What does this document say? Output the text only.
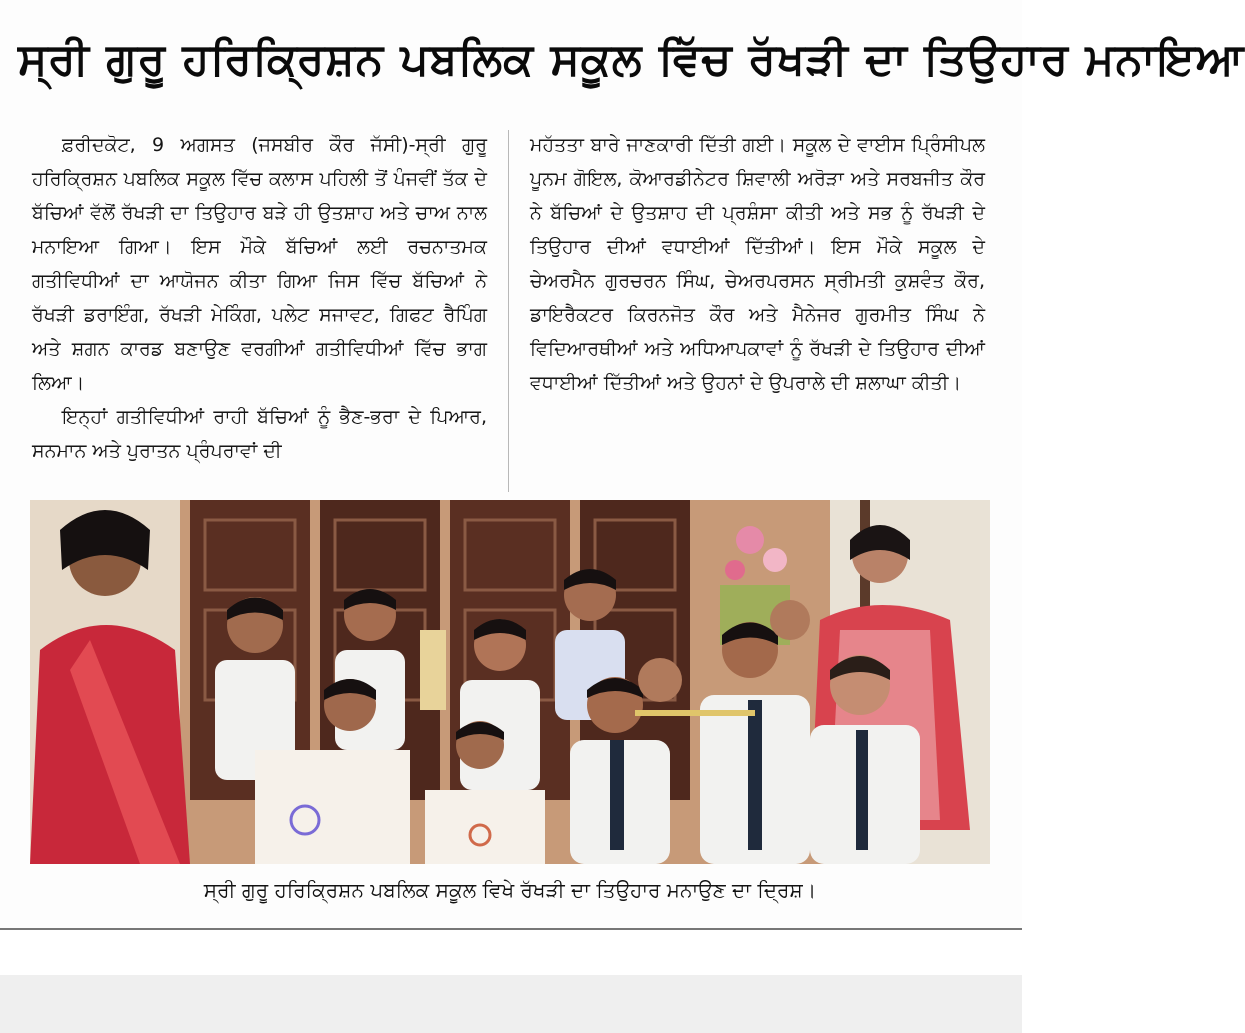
ਸ੍ਰੀ ਗੁਰੂ ਹਰਿਕ੍ਰਿਸ਼ਨ ਪਬਲਿਕ ਸਕੂਲ ਵਿੱਚ ਰੱਖੜੀ ਦਾ ਤਿਉਹਾਰ ਮਨਾਇਆ

ਫ਼ਰੀਦਕੋਟ, 9 ਅਗਸਤ (ਜਸਬੀਰ ਕੌਰ ਜੱਸੀ)-ਸ੍ਰੀ ਗੁਰੂ ਹਰਿਕ੍ਰਿਸ਼ਨ ਪਬਲਿਕ ਸਕੂਲ ਵਿੱਚ ਕਲਾਸ ਪਹਿਲੀ ਤੋਂ ਪੰਜਵੀਂ ਤੱਕ ਦੇ ਬੱਚਿਆਂ ਵੱਲੋਂ ਰੱਖੜੀ ਦਾ ਤਿਉਹਾਰ ਬੜੇ ਹੀ ਉਤਸ਼ਾਹ ਅਤੇ ਚਾਅ ਨਾਲ ਮਨਾਇਆ ਗਿਆ। ਇਸ ਮੌਕੇ ਬੱਚਿਆਂ ਲਈ ਰਚਨਾਤਮਕ ਗਤੀਵਿਧੀਆਂ ਦਾ ਆਯੋਜਨ ਕੀਤਾ ਗਿਆ ਜਿਸ ਵਿੱਚ ਬੱਚਿਆਂ ਨੇ ਰੱਖੜੀ ਡਰਾਇੰਗ, ਰੱਖੜੀ ਮੇਕਿੰਗ, ਪਲੇਟ ਸਜਾਵਟ, ਗਿਫਟ ਰੈਪਿੰਗ ਅਤੇ ਸ਼ਗਨ ਕਾਰਡ ਬਣਾਉਣ ਵਰਗੀਆਂ ਗਤੀਵਿਧੀਆਂ ਵਿੱਚ ਭਾਗ ਲਿਆ।

ਇਨ੍ਹਾਂ ਗਤੀਵਿਧੀਆਂ ਰਾਹੀ ਬੱਚਿਆਂ ਨੂੰ ਭੈਣ-ਭਰਾ ਦੇ ਪਿਆਰ, ਸਨਮਾਨ ਅਤੇ ਪੁਰਾਤਨ ਪ੍ਰੰਪਰਾਵਾਂ ਦੀ

ਮਹੱਤਤਾ ਬਾਰੇ ਜਾਣਕਾਰੀ ਦਿੱਤੀ ਗਈ। ਸਕੂਲ ਦੇ ਵਾਈਸ ਪ੍ਰਿੰਸੀਪਲ ਪੂਨਮ ਗੋਇਲ, ਕੋਆਰਡੀਨੇਟਰ ਸ਼ਿਵਾਲੀ ਅਰੋੜਾ ਅਤੇ ਸਰਬਜੀਤ ਕੌਰ ਨੇ ਬੱਚਿਆਂ ਦੇ ਉਤਸ਼ਾਹ ਦੀ ਪ੍ਰਸ਼ੰਸਾ ਕੀਤੀ ਅਤੇ ਸਭ ਨੂੰ ਰੱਖੜੀ ਦੇ ਤਿਉਹਾਰ ਦੀਆਂ ਵਧਾਈਆਂ ਦਿੱਤੀਆਂ। ਇਸ ਮੌਕੇ ਸਕੂਲ ਦੇ ਚੇਅਰਮੈਨ ਗੁਰਚਰਨ ਸਿੰਘ, ਚੇਅਰਪਰਸਨ ਸ੍ਰੀਮਤੀ ਕੁਸ਼ਵੰਤ ਕੌਰ, ਡਾਇਰੈਕਟਰ ਕਿਰਨਜੋਤ ਕੌਰ ਅਤੇ ਮੈਨੇਜਰ ਗੁਰਮੀਤ ਸਿੰਘ ਨੇ ਵਿਦਿਆਰਥੀਆਂ ਅਤੇ ਅਧਿਆਪਕਾਵਾਂ ਨੂੰ ਰੱਖੜੀ ਦੇ ਤਿਉਹਾਰ ਦੀਆਂ ਵਧਾਈਆਂ ਦਿੱਤੀਆਂ ਅਤੇ ਉਹਨਾਂ ਦੇ ਉਪਰਾਲੇ ਦੀ ਸ਼ਲਾਘਾ ਕੀਤੀ।

ਸ੍ਰੀ ਗੁਰੂ ਹਰਿਕ੍ਰਿਸ਼ਨ ਪਬਲਿਕ ਸਕੂਲ ਵਿਖੇ ਰੱਖੜੀ ਦਾ ਤਿਉਹਾਰ ਮਨਾਉਣ ਦਾ ਦ੍ਰਿਸ਼।
